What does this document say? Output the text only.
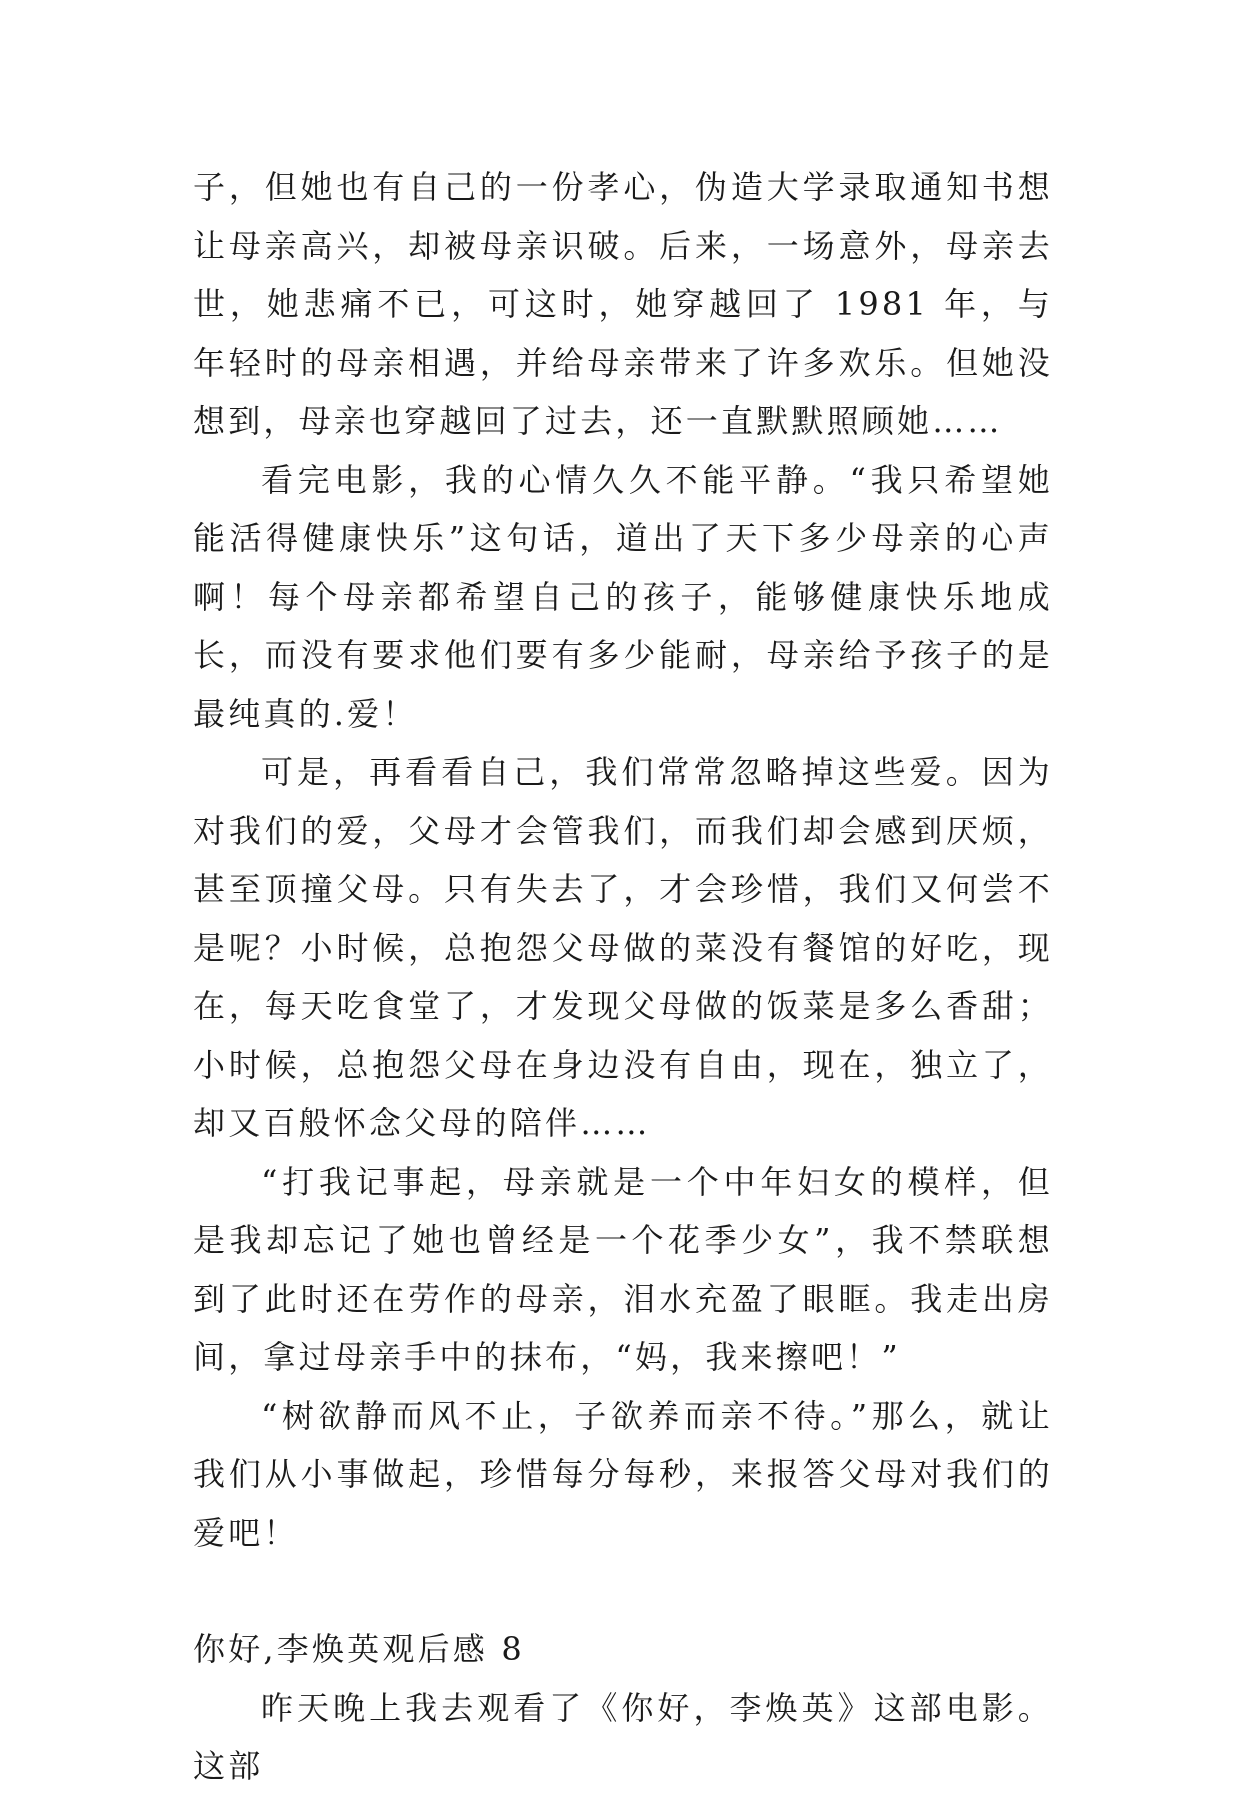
子，但她也有自己的一份孝心，伪造大学录取通知书想让母亲高兴，却被母亲识破。后来，一场意外，母亲去世，她悲痛不已，可这时，她穿越回了 1981 年，与年轻时的母亲相遇，并给母亲带来了许多欢乐。但她没想到，母亲也穿越回了过去，还一直默默照顾她……

看完电影，我的心情久久不能平静。“我只希望她能活得健康快乐”这句话，道出了天下多少母亲的心声啊！每个母亲都希望自己的孩子，能够健康快乐地成长，而没有要求他们要有多少能耐，母亲给予孩子的是最纯真的.爱！

可是，再看看自己，我们常常忽略掉这些爱。因为对我们的爱，父母才会管我们，而我们却会感到厌烦，甚至顶撞父母。只有失去了，才会珍惜，我们又何尝不是呢？小时候，总抱怨父母做的菜没有餐馆的好吃，现在，每天吃食堂了，才发现父母做的饭菜是多么香甜；小时候，总抱怨父母在身边没有自由，现在，独立了，却又百般怀念父母的陪伴……

“打我记事起，母亲就是一个中年妇女的模样，但是我却忘记了她也曾经是一个花季少女”，我不禁联想到了此时还在劳作的母亲，泪水充盈了眼眶。我走出房间，拿过母亲手中的抹布，“妈，我来擦吧！”

“树欲静而风不止，子欲养而亲不待。”那么，就让我们从小事做起，珍惜每分每秒，来报答父母对我们的爱吧！

你好,李焕英观后感 8

昨天晚上我去观看了《你好，李焕英》这部电影。这部
